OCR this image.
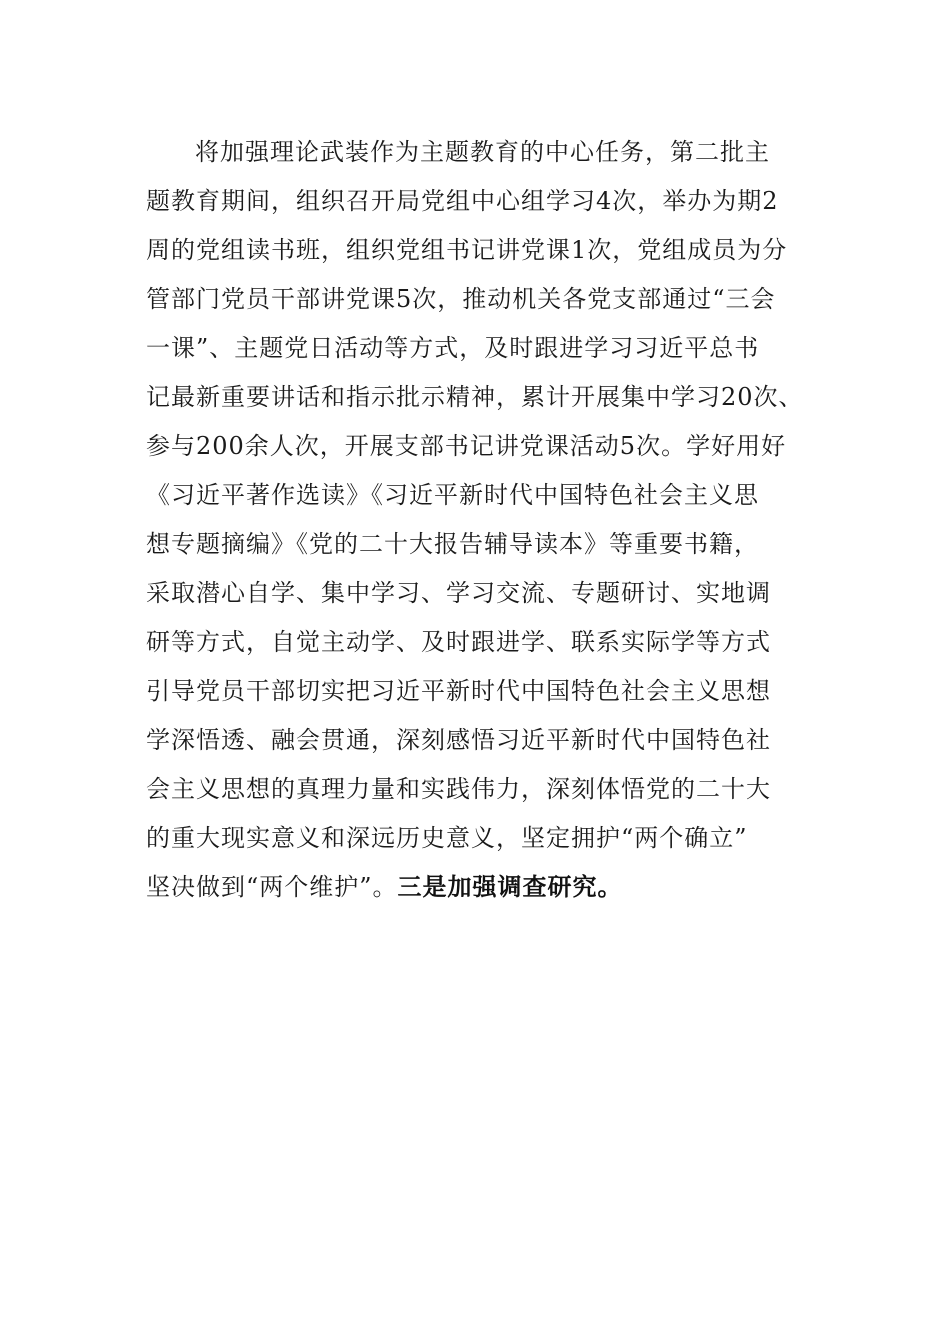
将加强理论武装作为主题教育的中心任务，第二批主
题教育期间，组织召开局党组中心组学习4次，举办为期2
周的党组读书班，组织党组书记讲党课1次，党组成员为分
管部门党员干部讲党课5次，推动机关各党支部通过“三会
一课”、主题党日活动等方式，及时跟进学习习近平总书
记最新重要讲话和指示批示精神，累计开展集中学习20次、
参与200余人次，开展支部书记讲党课活动5次。学好用好
《习近平著作选读》《习近平新时代中国特色社会主义思
想专题摘编》《党的二十大报告辅导读本》等重要书籍，
采取潜心自学、集中学习、学习交流、专题研讨、实地调
研等方式，自觉主动学、及时跟进学、联系实际学等方式
引导党员干部切实把习近平新时代中国特色社会主义思想
学深悟透、融会贯通，深刻感悟习近平新时代中国特色社
会主义思想的真理力量和实践伟力，深刻体悟党的二十大
的重大现实意义和深远历史意义，坚定拥护“两个确立”
坚决做到“两个维护”。三是加强调查研究。
